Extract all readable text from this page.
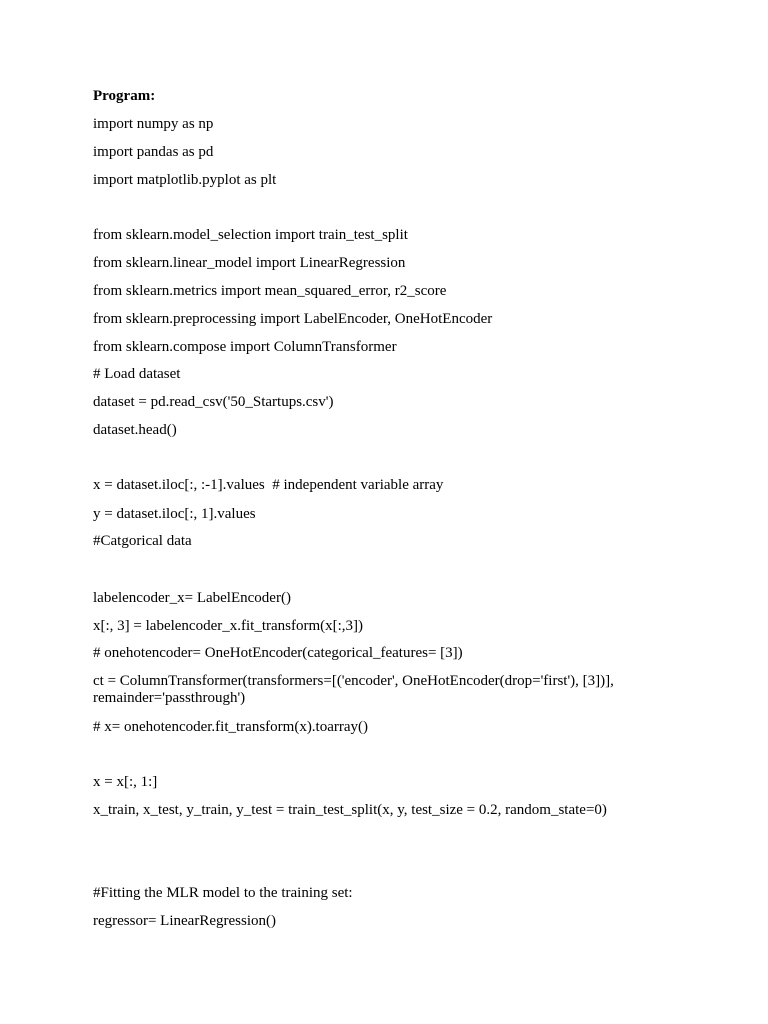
Program:
import numpy as np
import pandas as pd
import matplotlib.pyplot as plt
from sklearn.model_selection import train_test_split
from sklearn.linear_model import LinearRegression
from sklearn.metrics import mean_squared_error, r2_score
from sklearn.preprocessing import LabelEncoder, OneHotEncoder
from sklearn.compose import ColumnTransformer
# Load dataset
dataset = pd.read_csv('50_Startups.csv')
dataset.head()
x = dataset.iloc[:, :-1].values  # independent variable array
y = dataset.iloc[:, 1].values
#Catgorical data
labelencoder_x= LabelEncoder()
x[:, 3] = labelencoder_x.fit_transform(x[:,3])
# onehotencoder= OneHotEncoder(categorical_features= [3])
ct = ColumnTransformer(transformers=[('encoder', OneHotEncoder(drop='first'), [3])], remainder='passthrough')
# x= onehotencoder.fit_transform(x).toarray()
x = x[:, 1:]
x_train, x_test, y_train, y_test = train_test_split(x, y, test_size = 0.2, random_state=0)
#Fitting the MLR model to the training set:
regressor= LinearRegression()
